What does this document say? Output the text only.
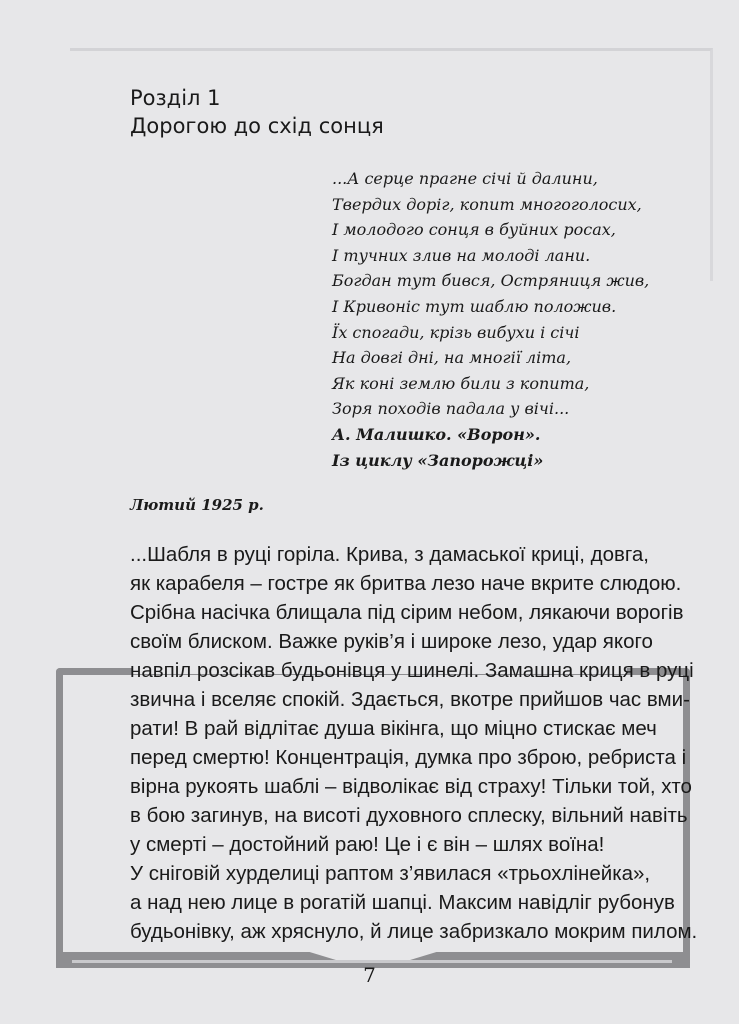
Розділ 1
Дорогою до схід сонця
...А серце прагне січі й далини,
Твердих доріг, копит многоголосих,
І молодого сонця в буйних росах,
І тучних злив на молоді лани.
Богдан тут бився, Остряниця жив,
І Кривоніс тут шаблю положив.
Їх спогади, крізь вибухи і січі
На довгі дні, на многії літа,
Як коні землю били з копита,
Зоря походів падала у вічі...
А. Малишко. «Ворон».
Із циклу «Запорожці»
Лютий 1925 р.
...Шабля в руці горіла. Крива, з дамаської криці, довга,
як карабеля – гостре як бритва лезо наче вкрите слюдою.
Срібна насічка блищала під сірим небом, лякаючи ворогів
своїм блиском. Важке руків’я і широке лезо, удар якого
навпіл розсікав будьонівця у шинелі. Замашна криця в руці
звична і вселяє спокій. Здається, вкотре прийшов час вми-
рати! В рай відлітає душа вікінга, що міцно стискає меч
перед смертю! Концентрація, думка про зброю, ребриста і
вірна рукоять шаблі – відволікає від страху! Тільки той, хто
в бою загинув, на висоті духовного сплеску, вільний навіть
у смерті – достойний раю! Це і є він – шлях воїна!
У сніговій хурделиці раптом з’явилася «трьохлінейка»,
а над нею лице в рогатій шапці. Максим навідліг рубонув
будьонівку, аж хряснуло, й лице забризкало мокрим пилом.
7
